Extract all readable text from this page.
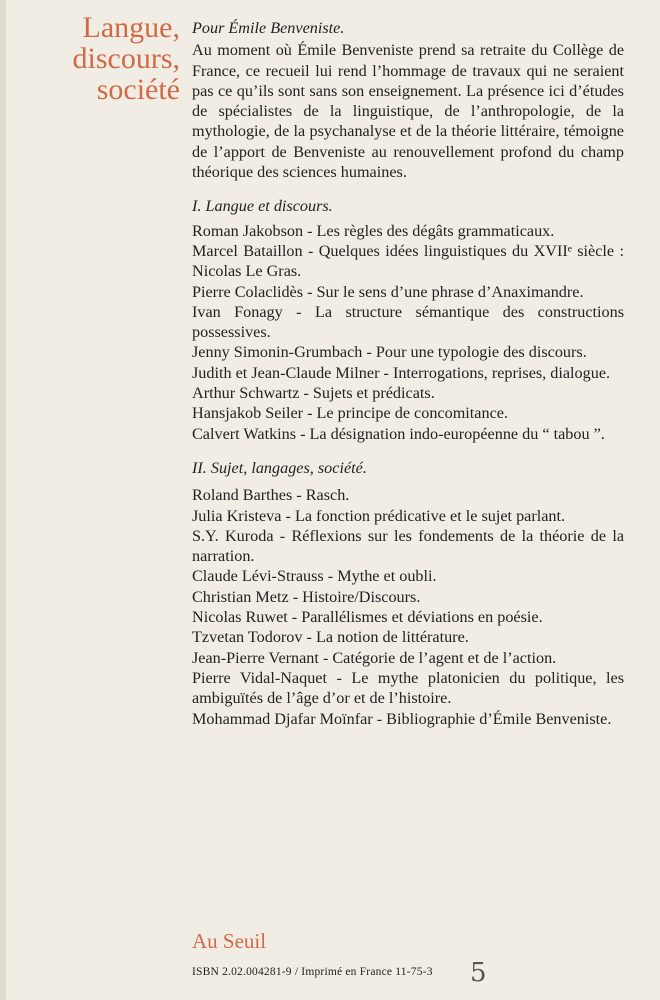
Langue,
discours,
société
Pour Émile Benveniste.

Au moment où Émile Benveniste prend sa retraite du Collège de France, ce recueil lui rend l’hommage de travaux qui ne seraient pas ce qu’ils sont sans son enseignement. La présence ici d’études de spécialistes de la linguistique, de l’anthropologie, de la mythologie, de la psychanalyse et de la théorie littéraire, témoigne de l’apport de Benveniste au renouvellement profond du champ théorique des sciences humaines.

I. Langue et discours.
Roman Jakobson - Les règles des dégâts grammaticaux.
Marcel Bataillon - Quelques idées linguistiques du XVIIᵉ siècle : Nicolas Le Gras.
Pierre Colaclidès - Sur le sens d’une phrase d’Anaximandre.
Ivan Fonagy - La structure sémantique des constructions possessives.
Jenny Simonin-Grumbach - Pour une typologie des discours.
Judith et Jean-Claude Milner - Interrogations, reprises, dialogue.
Arthur Schwartz - Sujets et prédicats.
Hansjakob Seiler - Le principe de concomitance.
Calvert Watkins - La désignation indo-européenne du “ tabou ”.
II. Sujet, langages, société.
Roland Barthes - Rasch.
Julia Kristeva - La fonction prédicative et le sujet parlant.
S.Y. Kuroda - Réflexions sur les fondements de la théorie de la narration.
Claude Lévi-Strauss - Mythe et oubli.
Christian Metz - Histoire/Discours.
Nicolas Ruwet - Parallélismes et déviations en poésie.
Tzvetan Todorov - La notion de littérature.
Jean-Pierre Vernant - Catégorie de l’agent et de l’action.
Pierre Vidal-Naquet - Le mythe platonicien du politique, les ambiguïtés de l’âge d’or et de l’histoire.
Mohammad Djafar Moïnfar - Bibliographie d’Émile Benveniste.
Au Seuil
ISBN 2.02.004281-9 / Imprimé en France 11-75-3 5
